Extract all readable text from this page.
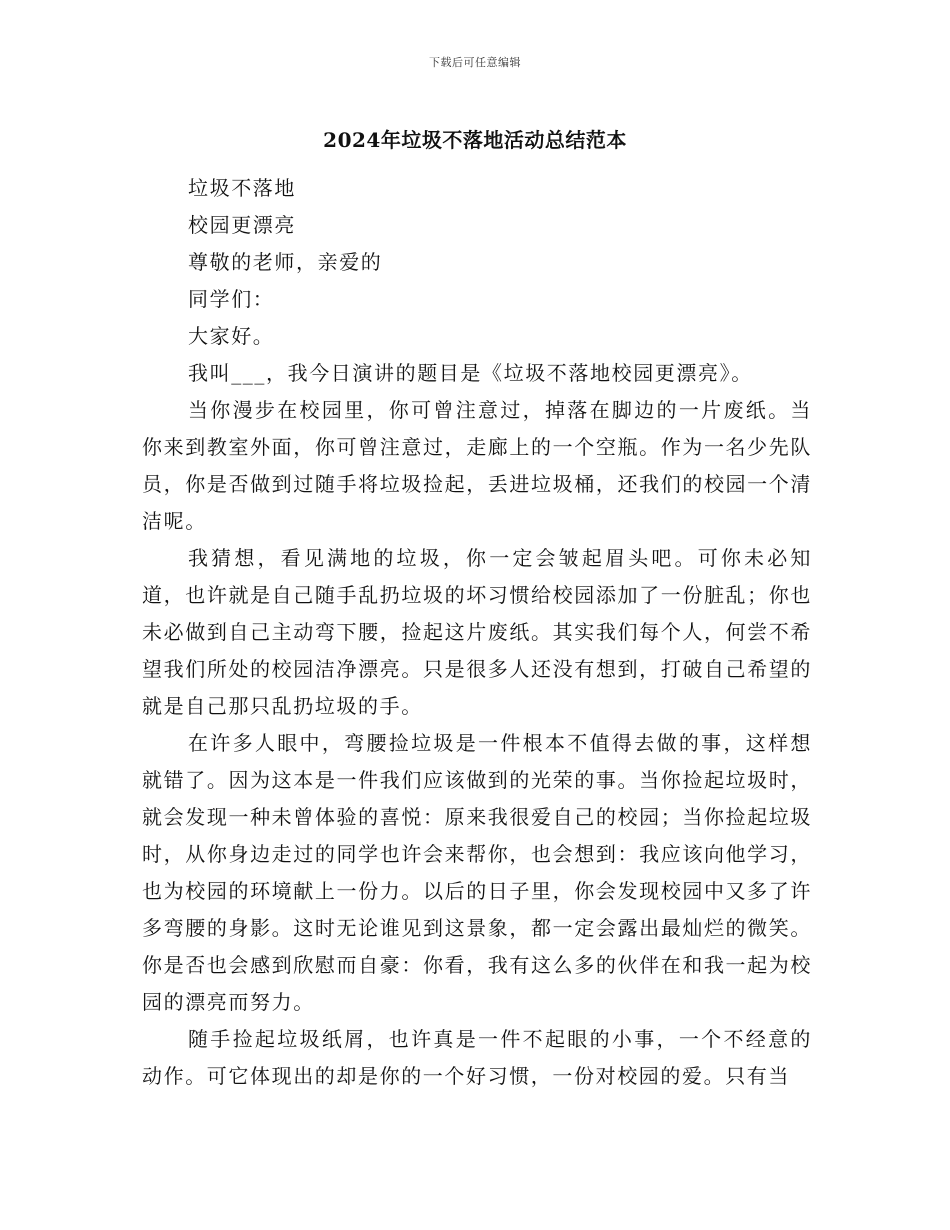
下载后可任意编辑
2024年垃圾不落地活动总结范本

垃圾不落地

校园更漂亮

尊敬的老师，亲爱的

同学们：

大家好。

我叫___，我今日演讲的题目是《垃圾不落地校园更漂亮》。

当你漫步在校园里，你可曾注意过，掉落在脚边的一片废纸。当你来到教室外面，你可曾注意过，走廊上的一个空瓶。作为一名少先队员，你是否做到过随手将垃圾捡起，丢进垃圾桶，还我们的校园一个清洁呢。

我猜想，看见满地的垃圾，你一定会皱起眉头吧。可你未必知道，也许就是自己随手乱扔垃圾的坏习惯给校园添加了一份脏乱；你也未必做到自己主动弯下腰，捡起这片废纸。其实我们每个人，何尝不希望我们所处的校园洁净漂亮。只是很多人还没有想到，打破自己希望的就是自己那只乱扔垃圾的手。

在许多人眼中，弯腰捡垃圾是一件根本不值得去做的事，这样想就错了。因为这本是一件我们应该做到的光荣的事。当你捡起垃圾时，就会发现一种未曾体验的喜悦：原来我很爱自己的校园；当你捡起垃圾时，从你身边走过的同学也许会来帮你，也会想到：我应该向他学习，也为校园的环境献上一份力。以后的日子里，你会发现校园中又多了许多弯腰的身影。这时无论谁见到这景象，都一定会露出最灿烂的微笑。你是否也会感到欣慰而自豪：你看，我有这么多的伙伴在和我一起为校园的漂亮而努力。

随手捡起垃圾纸屑，也许真是一件不起眼的小事，一个不经意的动作。可它体现出的却是你的一个好习惯，一份对校园的爱。只有当
